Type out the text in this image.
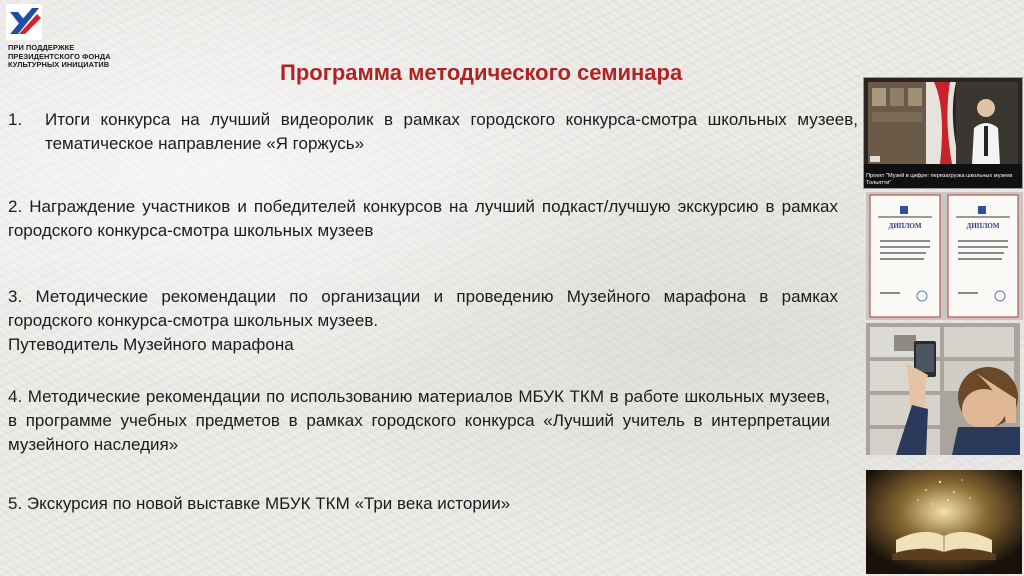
ПРИ ПОДДЕРЖКЕ
ПРЕЗИДЕНТСКОГО ФОНДА
КУЛЬТУРНЫХ ИНИЦИАТИВ	Программа методического семинара
1. Итоги конкурса на лучший видеоролик в рамках городского конкурса-смотра школьных музеев, тематическое направление «Я горжусь»

2. Награждение участников и победителей конкурсов на лучший подкаст/лучшую экскурсию в рамках городского конкурса-смотра школьных музеев

3. Методические рекомендации по организации и проведению Музейного марафона в рамках городского конкурса-смотра школьных музеев.

Путеводитель Музейного марафона

4. Методические рекомендации по использованию материалов МБУК ТКМ в работе школьных музеев, в программе учебных предметов в рамках городского конкурса «Лучший учитель в интерпретации музейного наследия»

5. Экскурсия по новой выставке МБУК ТКМ «Три века истории»

Проект "Музей в цифре: перезагрузка школьных музеев Тольятти"
ДИПЛОМ	ДИПЛОМ
